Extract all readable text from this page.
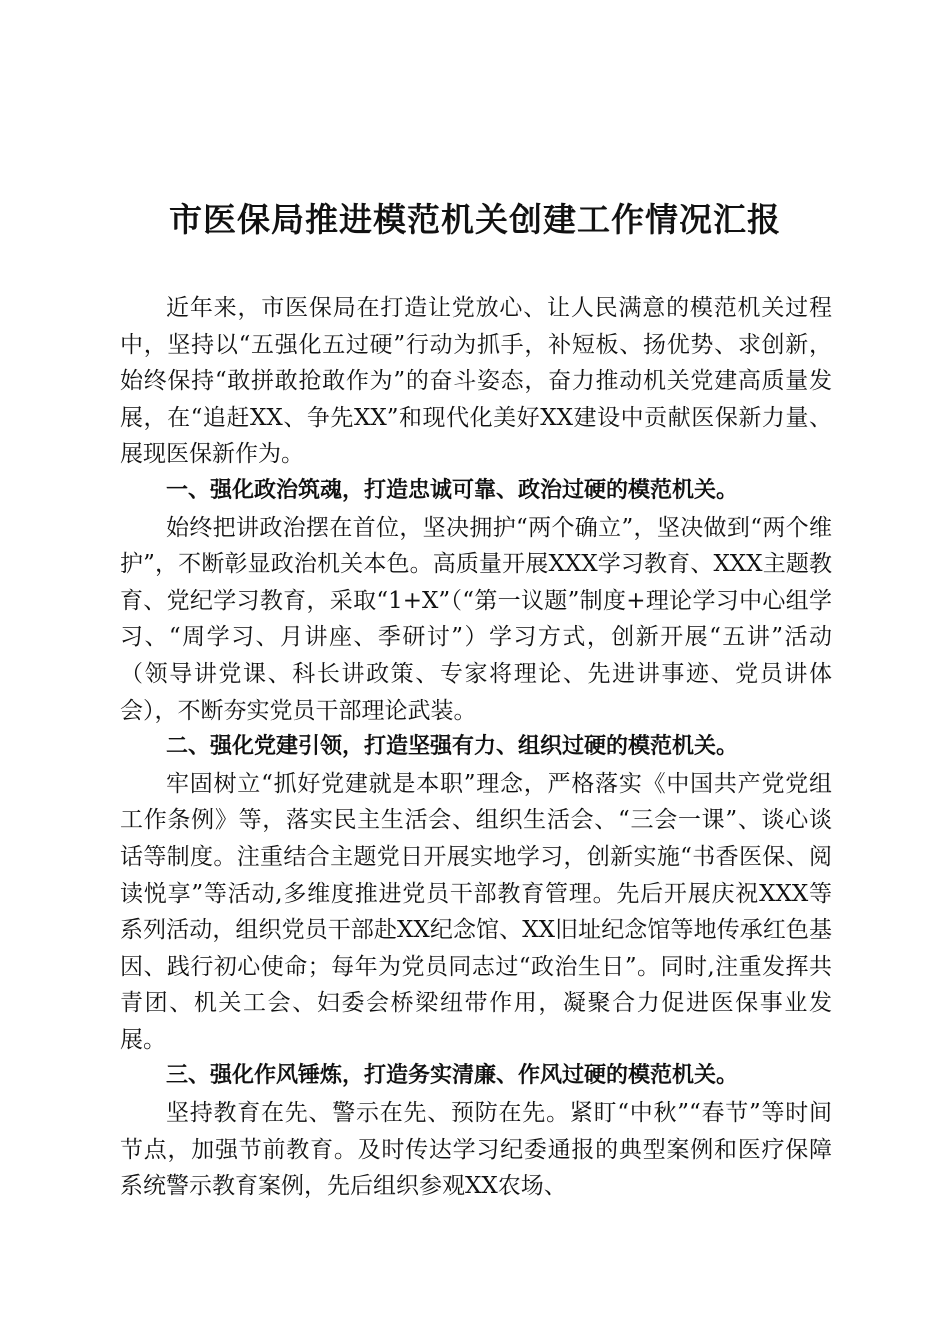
市医保局推进模范机关创建工作情况汇报

近年来，市医保局在打造让党放心、让人民满意的模范机关过程中，坚持以“五强化五过硬”行动为抓手，补短板、扬优势、求创新，始终保持“敢拼敢抢敢作为”的奋斗姿态，奋力推动机关党建高质量发展，在“追赶XX、争先XX”和现代化美好XX建设中贡献医保新力量、展现医保新作为。

一、强化政治筑魂，打造忠诚可靠、政治过硬的模范机关。

始终把讲政治摆在首位，坚决拥护“两个确立”，坚决做到“两个维护”，不断彰显政治机关本色。高质量开展XXX学习教育、XXX主题教育、党纪学习教育，采取“1+X”（“第一议题”制度+理论学习中心组学习、“周学习、月讲座、季研讨”）学习方式，创新开展“五讲”活动（领导讲党课、科长讲政策、专家将理论、先进讲事迹、党员讲体会），不断夯实党员干部理论武装。

二、强化党建引领，打造坚强有力、组织过硬的模范机关。

牢固树立“抓好党建就是本职”理念，严格落实《中国共产党党组工作条例》等，落实民主生活会、组织生活会、“三会一课”、谈心谈话等制度。注重结合主题党日开展实地学习，创新实施“书香医保、阅读悦享”等活动,多维度推进党员干部教育管理。先后开展庆祝XXX等系列活动，组织党员干部赴XX纪念馆、XX旧址纪念馆等地传承红色基因、践行初心使命；每年为党员同志过“政治生日”。同时,注重发挥共青团、机关工会、妇委会桥梁纽带作用，凝聚合力促进医保事业发展。

三、强化作风锤炼，打造务实清廉、作风过硬的模范机关。

坚持教育在先、警示在先、预防在先。紧盯“中秋”“春节”等时间节点，加强节前教育。及时传达学习纪委通报的典型案例和医疗保障系统警示教育案例，先后组织参观XX农场、
